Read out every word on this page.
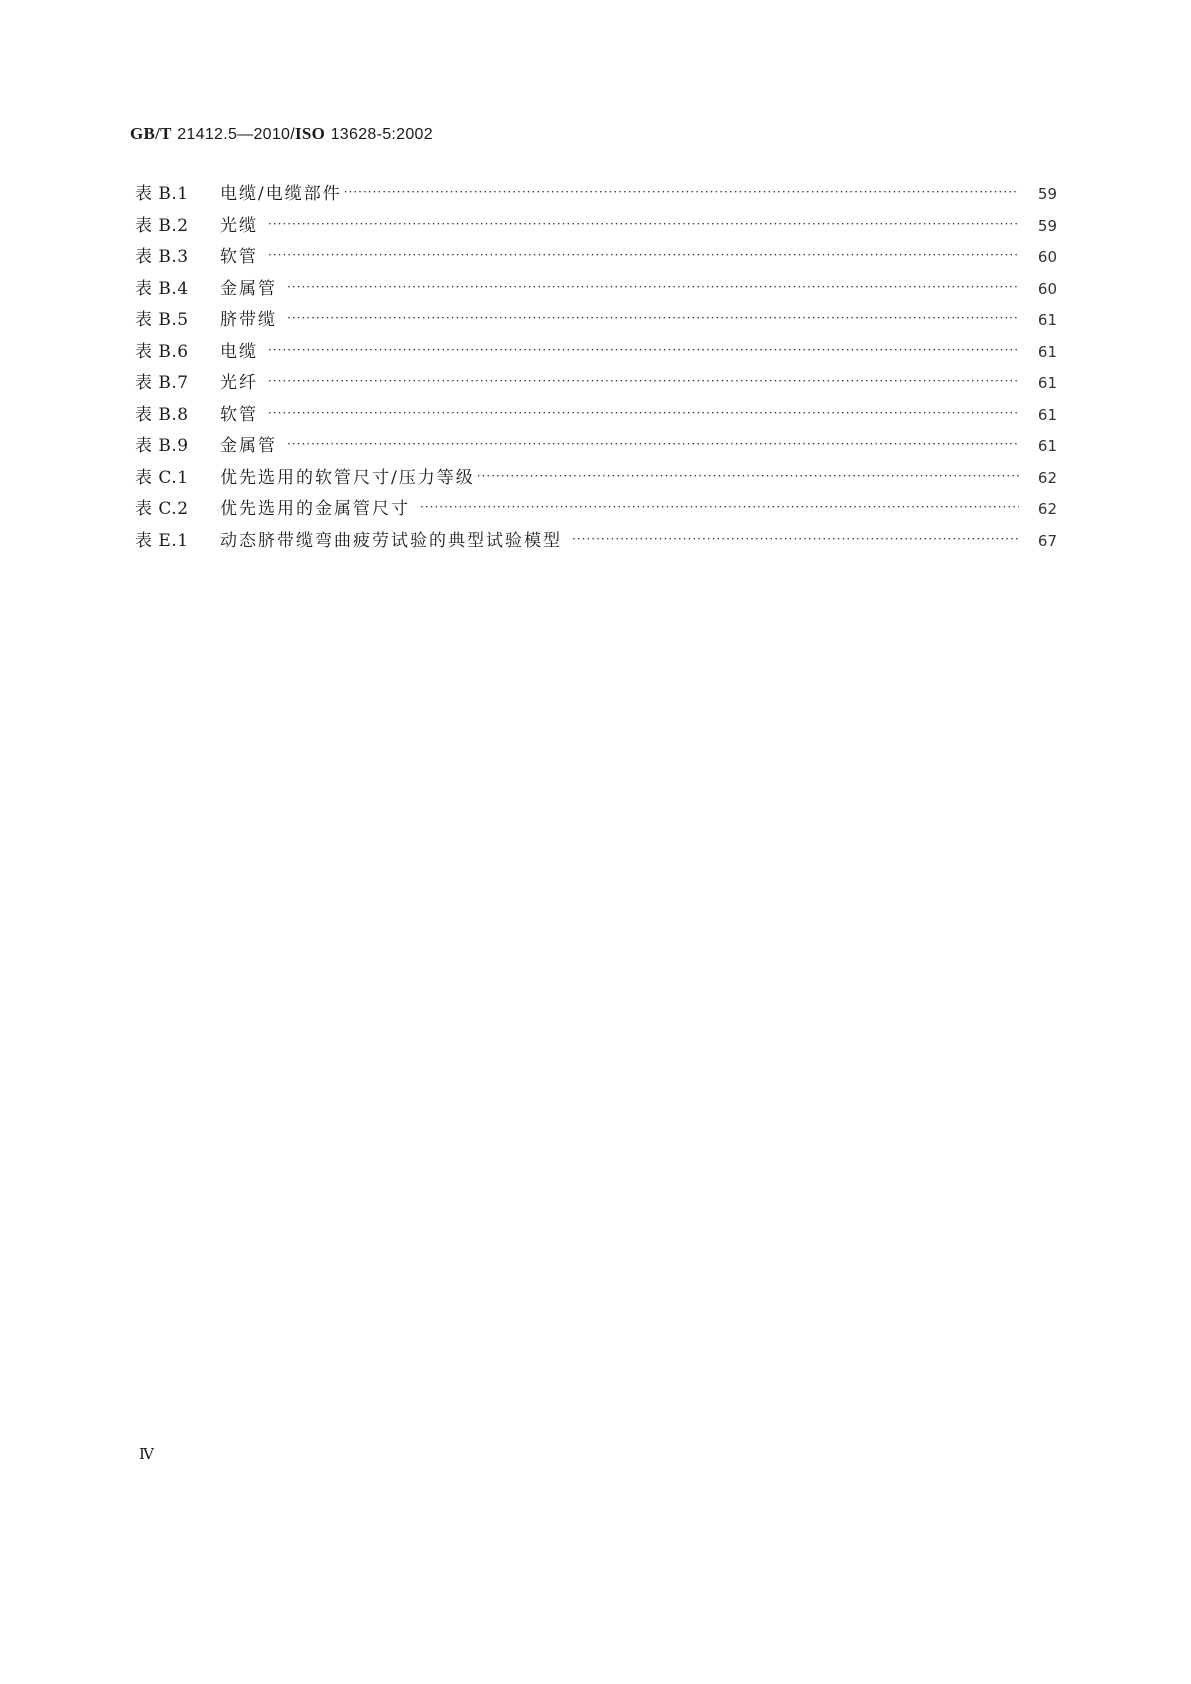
GB/T 21412.5—2010/ISO 13628-5:2002
表 B.1	电缆/电缆部件 ·····	59
表 B.2	光缆 ·····	59
表 B.3	软管 ·····	60
表 B.4	金属管 ·····	60
表 B.5	脐带缆 ·····	61
表 B.6	电缆 ·····	61
表 B.7	光纤 ·····	61
表 B.8	软管 ·····	61
表 B.9	金属管 ·····	61
表 C.1	优先选用的软管尺寸/压力等级 ·····	62
表 C.2	优先选用的金属管尺寸 ·····	62
表 E.1	动态脐带缆弯曲疲劳试验的典型试验模型 ·····	67
Ⅳ
